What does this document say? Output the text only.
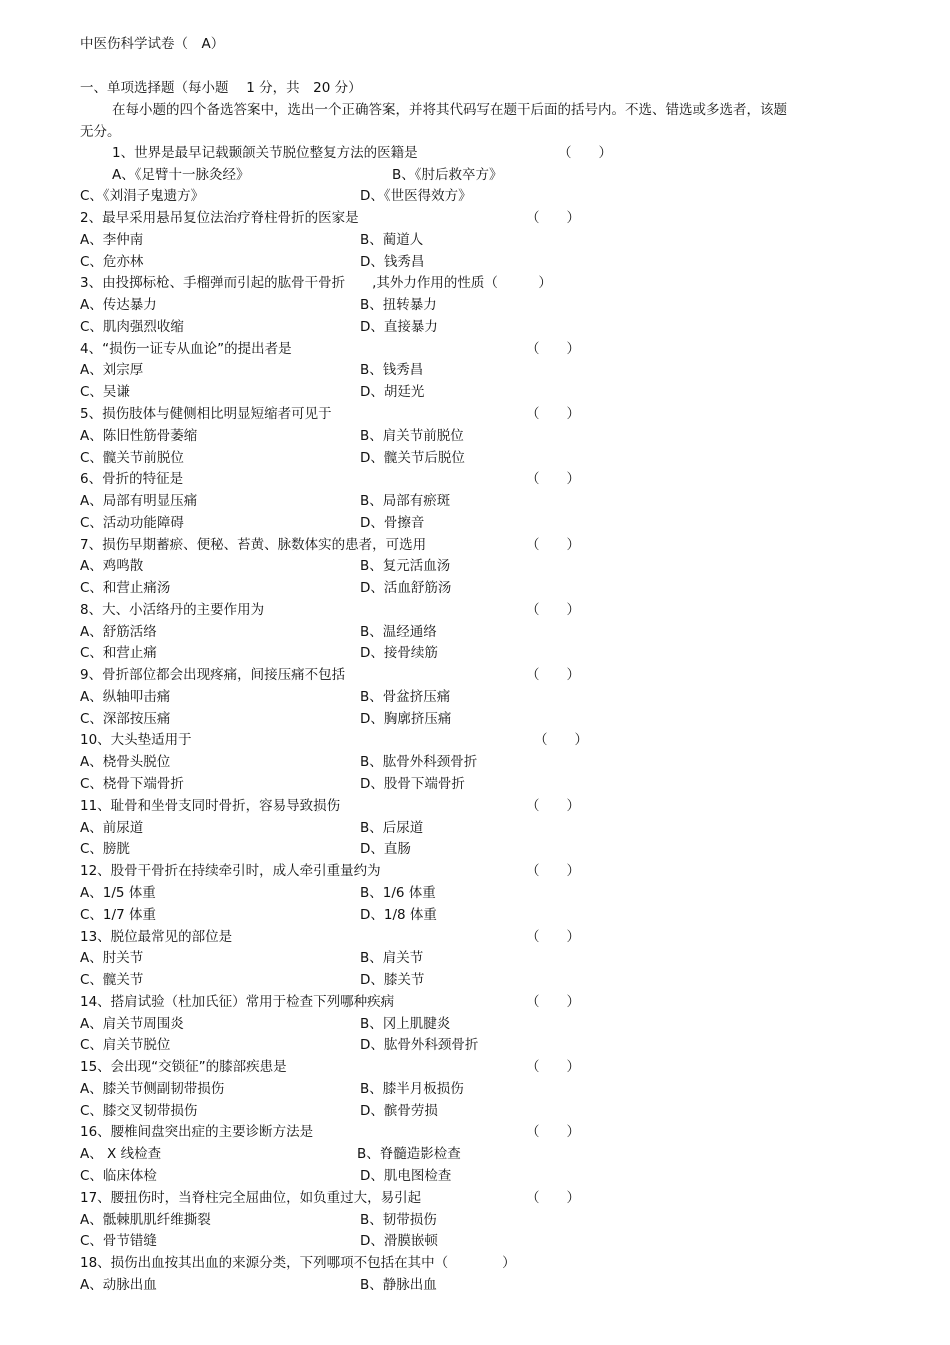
中医伤科学试卷（　A）
一、单项选择题（每小题　 1 分，共　20 分）
在每小题的四个备选答案中，选出一个正确答案，并将其代码写在题干后面的括号内。不选、错选或多选者，该题无分。
1、世界是最早记载颞颌关节脱位整复方法的医籍是	（　　）
A、《足臂十一脉灸经》	B、《肘后救卒方》
C、《刘涓子鬼遗方》	D、《世医得效方》
2、最早采用悬吊复位法治疗脊柱骨折的医家是	（　　）
A、李仲南	B、蔺道人
C、危亦林	D、钱秀昌
3、由投掷标枪、手榴弹而引起的肱骨干骨折　　,其外力作用的性质（　　　）
A、传达暴力	B、扭转暴力
C、肌肉强烈收缩	D、直接暴力
4、“损伤一证专从血论”的提出者是	（　　）
A、刘宗厚	B、钱秀昌
C、吴谦	D、胡廷光
5、损伤肢体与健侧相比明显短缩者可见于	（　　）
A、陈旧性筋骨萎缩	B、肩关节前脱位
C、髋关节前脱位	D、髋关节后脱位
6、骨折的特征是	（　　）
A、局部有明显压痛	B、局部有瘀斑
C、活动功能障碍	D、骨擦音
7、损伤早期蓄瘀、便秘、苔黄、脉数体实的患者，可选用	（　　）
A、鸡鸣散	B、复元活血汤
C、和营止痛汤	D、活血舒筋汤
8、大、小活络丹的主要作用为	（　　）
A、舒筋活络	B、温经通络
C、和营止痛	D、接骨续筋
9、骨折部位都会出现疼痛，间接压痛不包括	（　　）
A、纵轴叩击痛	B、骨盆挤压痛
C、深部按压痛	D、胸廓挤压痛
10、大头垫适用于	（　　）
A、桡骨头脱位	B、肱骨外科颈骨折
C、桡骨下端骨折	D、股骨下端骨折
11、耻骨和坐骨支同时骨折，容易导致损伤	（　　）
A、前尿道	B、后尿道
C、膀胱	D、直肠
12、股骨干骨折在持续牵引时，成人牵引重量约为	（　　）
A、1/5 体重	B、1/6 体重
C、1/7 体重	D、1/8 体重
13、脱位最常见的部位是	（　　）
A、肘关节	B、肩关节
C、髋关节	D、膝关节
14、搭肩试验（杜加氏征）常用于检查下列哪种疾病	（　　）
A、肩关节周围炎	B、冈上肌腱炎
C、肩关节脱位	D、肱骨外科颈骨折
15、会出现“交锁征”的膝部疾患是	（　　）
A、膝关节侧副韧带损伤	B、膝半月板损伤
C、膝交叉韧带损伤	D、髌骨劳损
16、腰椎间盘突出症的主要诊断方法是	（　　）
A、 X 线检查	B、脊髓造影检查
C、临床体检	D、肌电图检查
17、腰扭伤时，当脊柱完全屈曲位，如负重过大，易引起	（　　）
A、骶棘肌肌纤维撕裂	B、韧带损伤
C、骨节错缝	D、滑膜嵌顿
18、损伤出血按其出血的来源分类，下列哪项不包括在其中（　　　　）
A、动脉出血	B、静脉出血
